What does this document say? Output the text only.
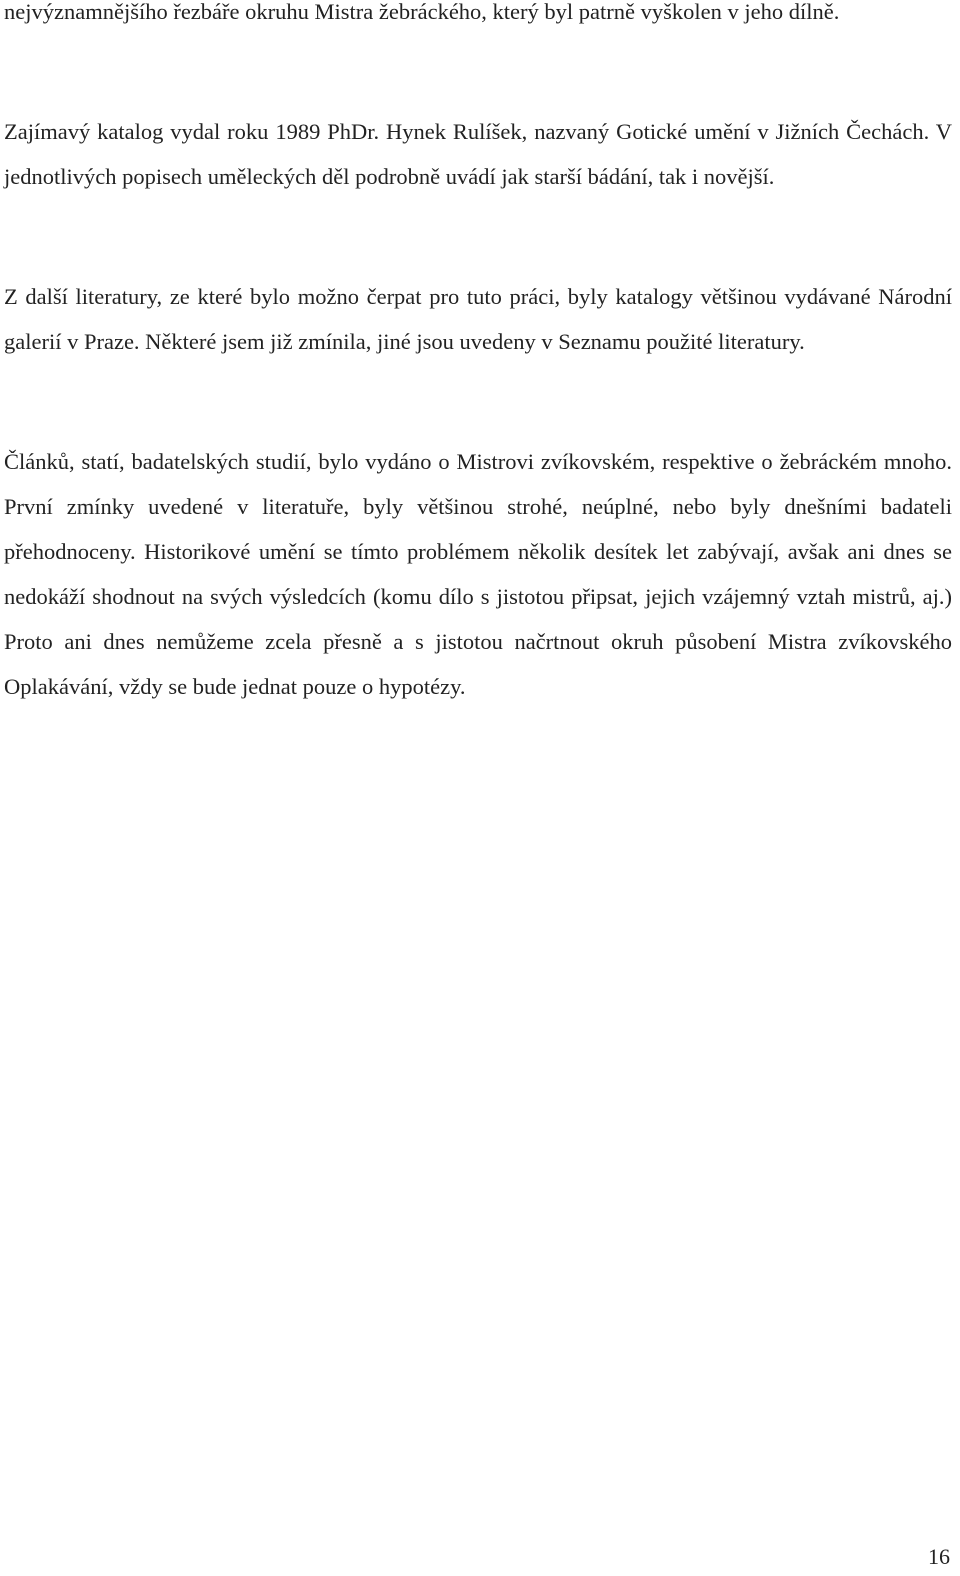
nejvýznamnějšího řezbáře okruhu Mistra žebráckého, který byl patrně vyškolen v jeho dílně.

Zajímavý katalog vydal roku 1989 PhDr. Hynek Rulíšek, nazvaný Gotické umění v Jižních Čechách. V jednotlivých popisech uměleckých děl podrobně uvádí jak starší bádání, tak i novější.

Z další literatury, ze které bylo možno čerpat pro tuto práci, byly katalogy většinou vydávané Národní galerií v Praze. Některé jsem již zmínila, jiné jsou uvedeny v Seznamu použité literatury.

Článků, statí, badatelských studií, bylo vydáno o Mistrovi zvíkovském, respektive o žebráckém mnoho. První zmínky uvedené v literatuře, byly většinou strohé, neúplné, nebo byly dnešními badateli přehodnoceny. Historikové umění se tímto problémem několik desítek let zabývají, avšak ani dnes se nedokáží shodnout na svých výsledcích (komu dílo s jistotou připsat, jejich vzájemný vztah mistrů, aj.) Proto ani dnes nemůžeme zcela přesně a s jistotou načrtnout okruh působení Mistra zvíkovského Oplakávání, vždy se bude jednat pouze o hypotézy.

16
